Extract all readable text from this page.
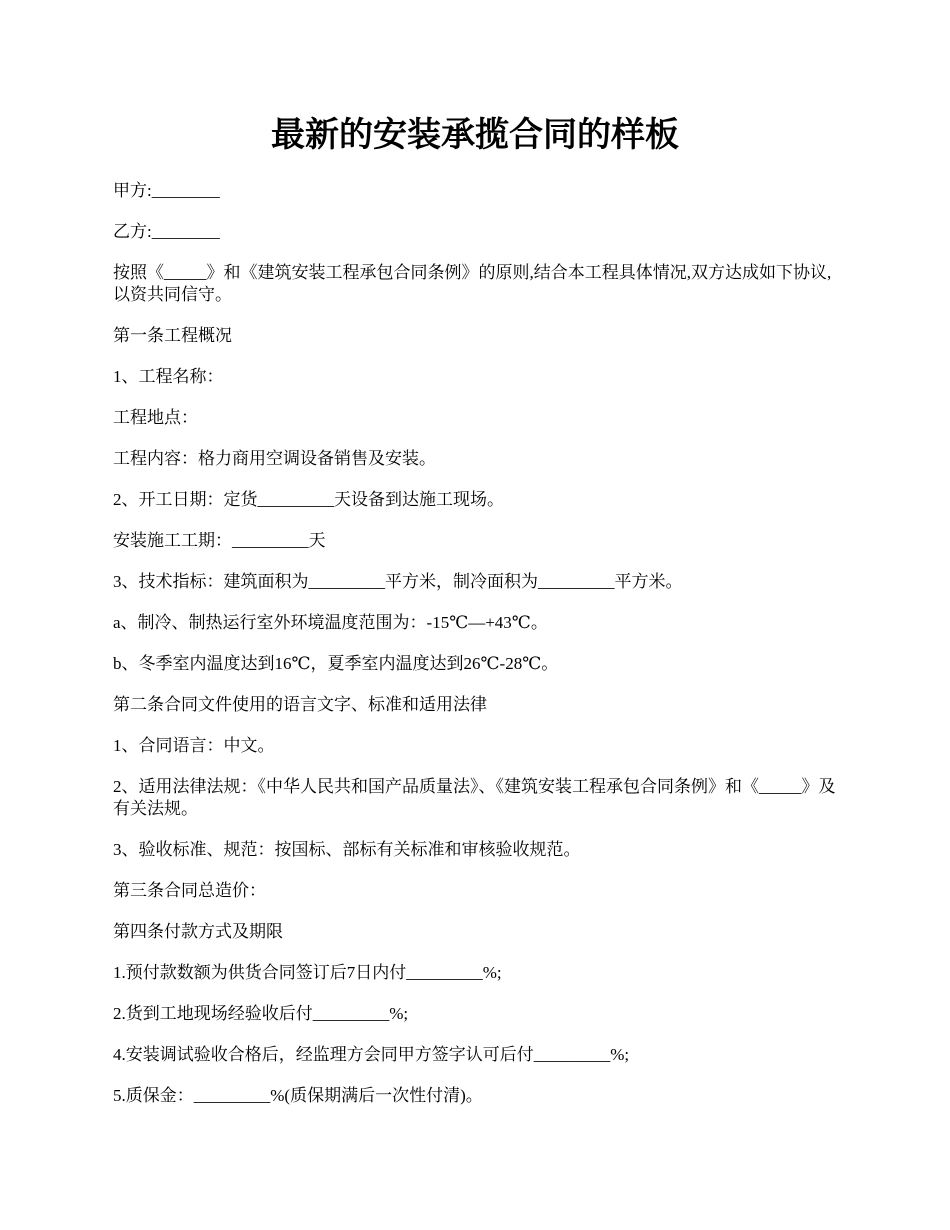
最新的安装承揽合同的样板

甲方:________

乙方:________

按照《_____》和《建筑安装工程承包合同条例》的原则,结合本工程具体情况,双方达成如下协议,以资共同信守。

第一条工程概况

1、工程名称：

工程地点：

工程内容：格力商用空调设备销售及安装。

2、开工日期：定货_________天设备到达施工现场。

安装施工工期：_________天

3、技术指标：建筑面积为_________平方米，制冷面积为_________平方米。

a、制冷、制热运行室外环境温度范围为：-15℃—+43℃。

b、冬季室内温度达到16℃，夏季室内温度达到26℃-28℃。

第二条合同文件使用的语言文字、标准和适用法律

1、合同语言：中文。

2、适用法律法规：《中华人民共和国产品质量法》、《建筑安装工程承包合同条例》和《_____》及有关法规。

3、验收标准、规范：按国标、部标有关标准和审核验收规范。

第三条合同总造价：

第四条付款方式及期限

1.预付款数额为供货合同签订后7日内付_________%;

2.货到工地现场经验收后付_________%;

4.安装调试验收合格后，经监理方会同甲方签字认可后付_________%;

5.质保金：_________%(质保期满后一次性付清)。
